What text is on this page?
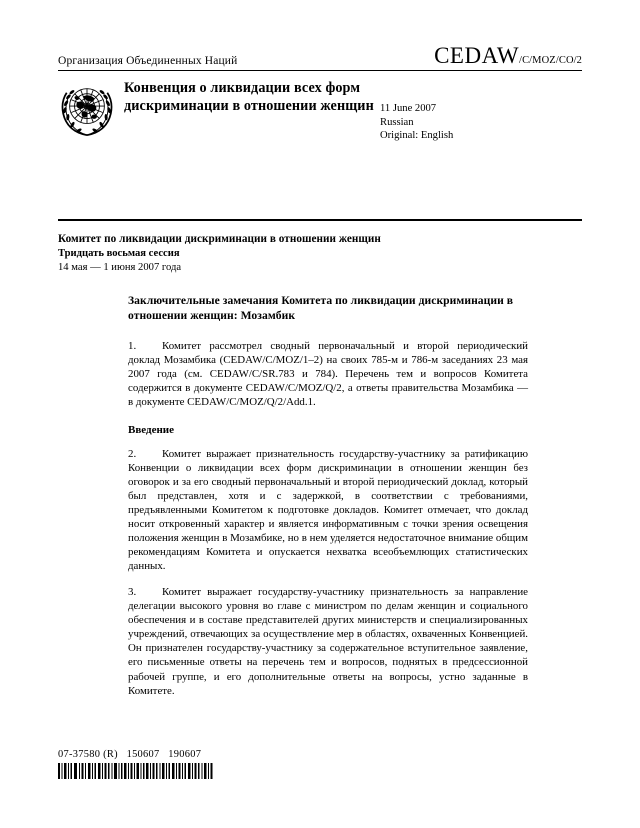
Организация Объединенных Наций	CEDAW /C/MOZ/CO/2
Конвенция о ликвидации всех форм дискриминации в отношении женщин 11 June 2007
Russian
Original: English
Комитет по ликвидации дискриминации в отношении женщин
Тридцать восьмая сессия
14 мая — 1 июня 2007 года
Заключительные замечания Комитета по ликвидации дискриминации в отношении женщин: Мозамбик
1. Комитет рассмотрел сводный первоначальный и второй периодический доклад Мозамбика (CEDAW/C/MOZ/1–2) на своих 785-м и 786-м заседаниях 23 мая 2007 года (см. CEDAW/C/SR.783 и 784). Перечень тем и вопросов Комитета содержится в документе CEDAW/C/MOZ/Q/2, а ответы правительства Мозамбика — в документе CEDAW/C/MOZ/Q/2/Add.1.
Введение
2. Комитет выражает признательность государству-участнику за ратификацию Конвенции о ликвидации всех форм дискриминации в отношении женщин без оговорок и за его сводный первоначальный и второй периодический доклад, который был представлен, хотя и с задержкой, в соответствии с требованиями, предъявленными Комитетом к подготовке докладов. Комитет отмечает, что доклад носит откровенный характер и является информативным с точки зрения освещения положения женщин в Мозамбике, но в нем уделяется недостаточное внимание общим рекомендациям Комитета и опускается нехватка всеобъемлющих статистических данных.
3. Комитет выражает государству-участнику признательность за направление делегации высокого уровня во главе с министром по делам женщин и социального обеспечения и в составе представителей других министерств и специализированных учреждений, отвечающих за осуществление мер в областях, охваченных Конвенцией. Он признателен государству-участнику за содержательное вступительное заявление, его письменные ответы на перечень тем и вопросов, поднятых в предсессионной рабочей группе, и его дополнительные ответы на вопросы, устно заданные в Комитете.
07-37580 (R)   150607   190607
